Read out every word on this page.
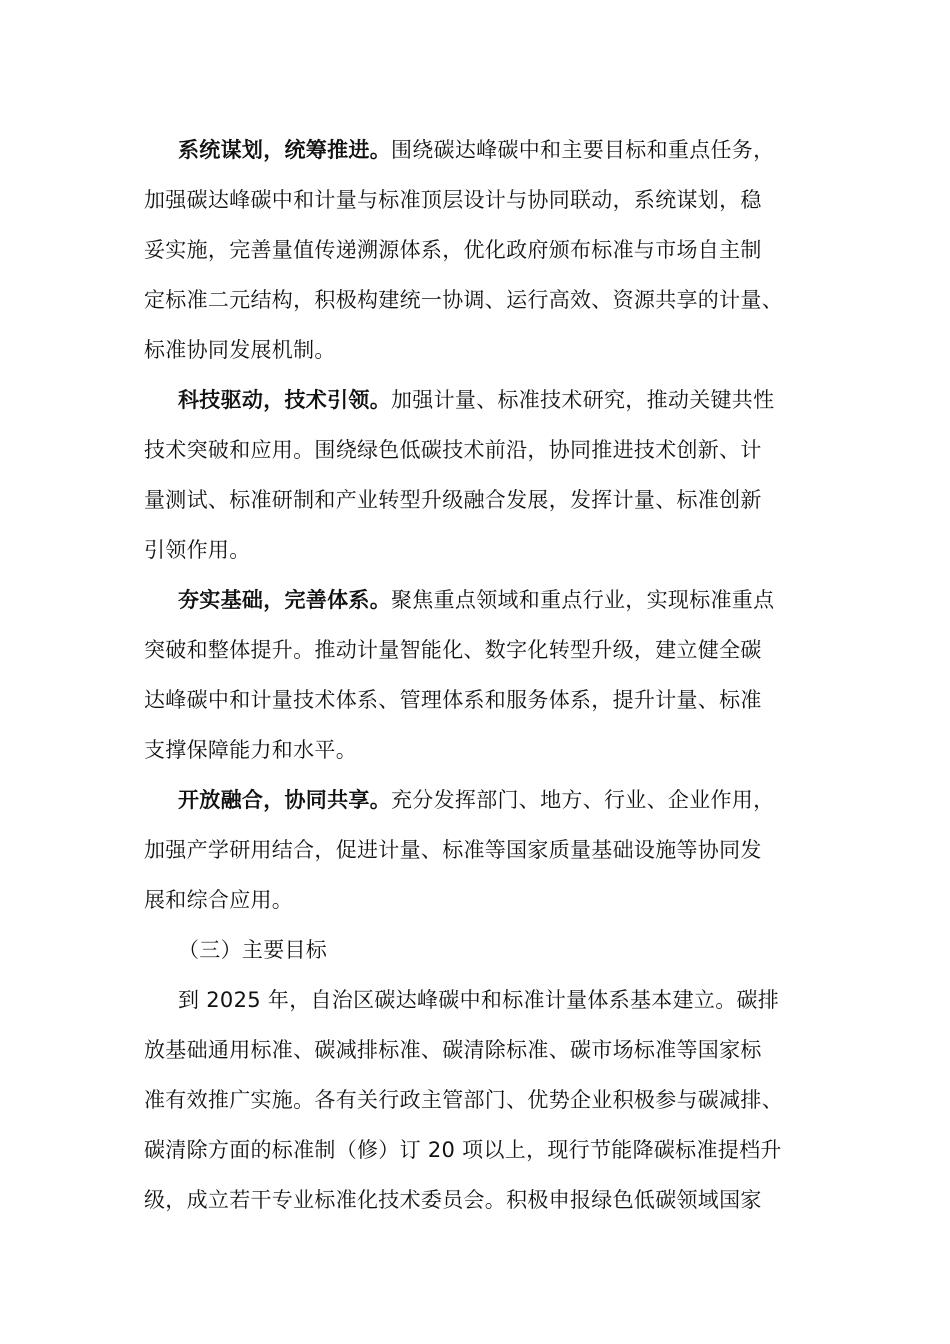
系统谋划，统筹推进。围绕碳达峰碳中和主要目标和重点任务，
加强碳达峰碳中和计量与标准顶层设计与协同联动，系统谋划，稳
妥实施，完善量值传递溯源体系，优化政府颁布标准与市场自主制
定标准二元结构，积极构建统一协调、运行高效、资源共享的计量、
标准协同发展机制。
科技驱动，技术引领。加强计量、标准技术研究，推动关键共性
技术突破和应用。围绕绿色低碳技术前沿，协同推进技术创新、计
量测试、标准研制和产业转型升级融合发展，发挥计量、标准创新
引领作用。
夯实基础，完善体系。聚焦重点领域和重点行业，实现标准重点
突破和整体提升。推动计量智能化、数字化转型升级，建立健全碳
达峰碳中和计量技术体系、管理体系和服务体系，提升计量、标准
支撑保障能力和水平。
开放融合，协同共享。充分发挥部门、地方、行业、企业作用，
加强产学研用结合，促进计量、标准等国家质量基础设施等协同发
展和综合应用。
（三）主要目标
到 2025 年，自治区碳达峰碳中和标准计量体系基本建立。碳排
放基础通用标准、碳减排标准、碳清除标准、碳市场标准等国家标
准有效推广实施。各有关行政主管部门、优势企业积极参与碳减排、
碳清除方面的标准制（修）订 20 项以上，现行节能降碳标准提档升
级，成立若干专业标准化技术委员会。积极申报绿色低碳领域国家
